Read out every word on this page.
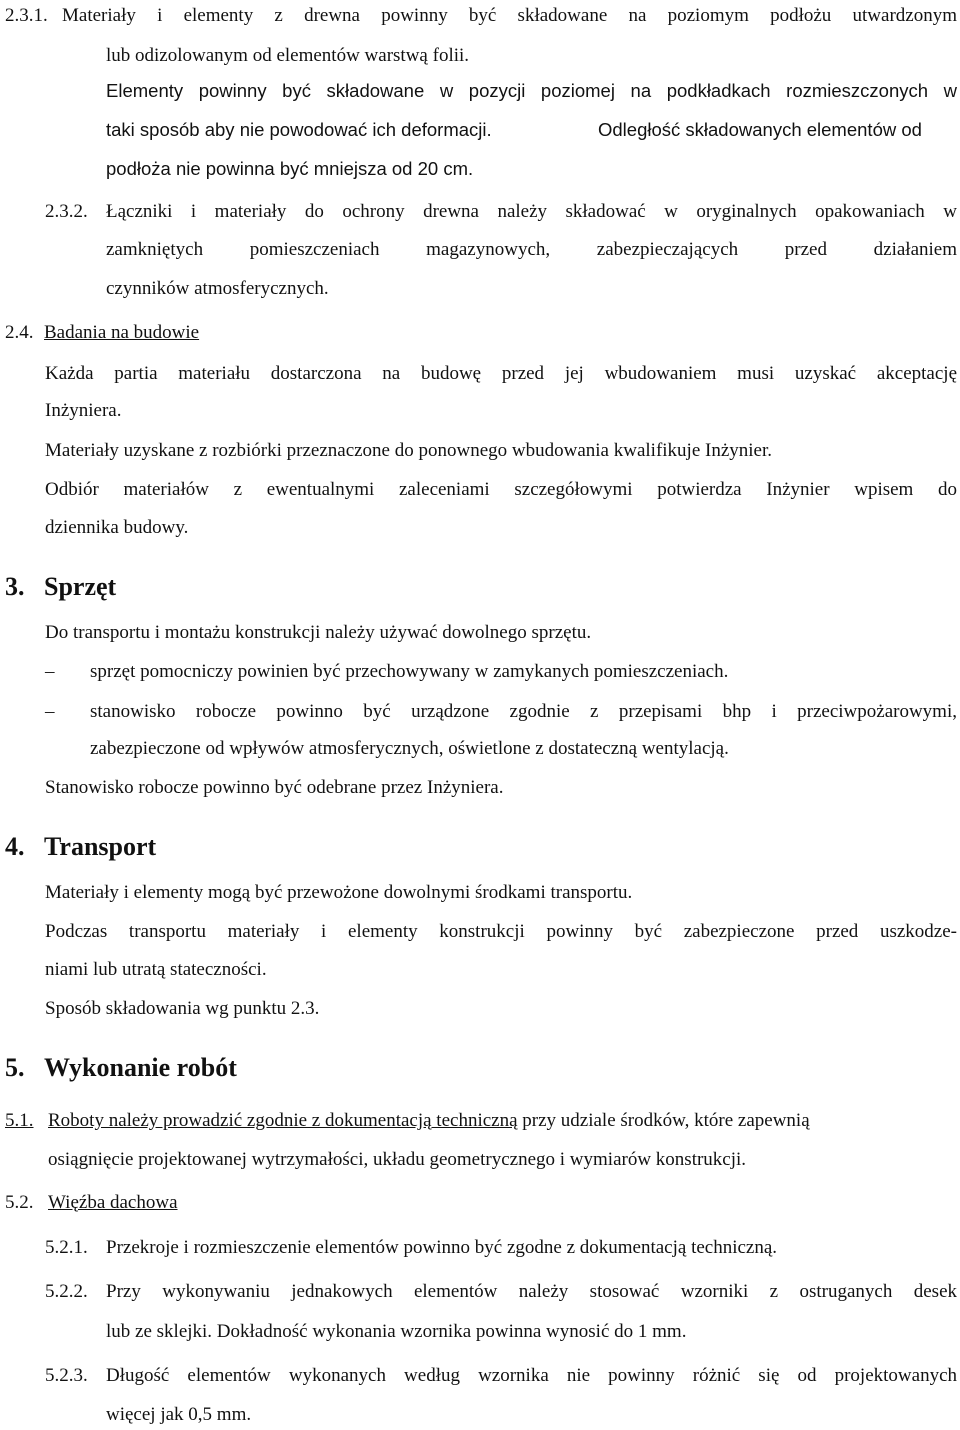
2.3.1. Materiały i elementy z drewna powinny być składowane na poziomym podłożu utwardzonym
lub odizolowanym od elementów warstwą folii.
Elementy powinny być składowane w pozycji poziomej na podkładkach rozmieszczonych w
taki sposób aby nie powodować ich deformacji.	Odległość składowanych elementów od
podłoża nie powinna być mniejsza od 20 cm.
2.3.2. Łączniki i materiały do ochrony drewna należy składować w oryginalnych opakowaniach w
zamkniętych pomieszczeniach magazynowych, zabezpieczających przed działaniem
czynników atmosferycznych.
2.4. Badania na budowie
Każda partia materiału dostarczona na budowę przed jej wbudowaniem musi uzyskać akceptację
Inżyniera.
Materiały uzyskane z rozbiórki przeznaczone do ponownego wbudowania kwalifikuje Inżynier.
Odbiór materiałów z ewentualnymi zaleceniami szczegółowymi potwierdza Inżynier wpisem do
dziennika budowy.
3. Sprzęt
Do transportu i montażu konstrukcji należy używać dowolnego sprzętu.
– sprzęt pomocniczy powinien być przechowywany w zamykanych pomieszczeniach.
– stanowisko robocze powinno być urządzone zgodnie z przepisami bhp i przeciwpożarowymi,
zabezpieczone od wpływów atmosferycznych, oświetlone z dostateczną wentylacją.
Stanowisko robocze powinno być odebrane przez Inżyniera.
4. Transport
Materiały i elementy mogą być przewożone dowolnymi środkami transportu.
Podczas transportu materiały i elementy konstrukcji powinny być zabezpieczone przed uszkodze-
niami lub utratą stateczności.
Sposób składowania wg punktu 2.3.
5. Wykonanie robót
5.1. Roboty należy prowadzić zgodnie z dokumentacją techniczną przy udziale środków, które zapewnią
osiągnięcie projektowanej wytrzymałości, układu geometrycznego i wymiarów konstrukcji.
5.2. Więźba dachowa
5.2.1. Przekroje i rozmieszczenie elementów powinno być zgodne z dokumentacją techniczną.
5.2.2. Przy wykonywaniu jednakowych elementów należy stosować wzorniki z ostruganych desek
lub ze sklejki. Dokładność wykonania wzornika powinna wynosić do 1 mm.
5.2.3. Długość elementów wykonanych według wzornika nie powinny różnić się od projektowanych
więcej jak 0,5 mm.
